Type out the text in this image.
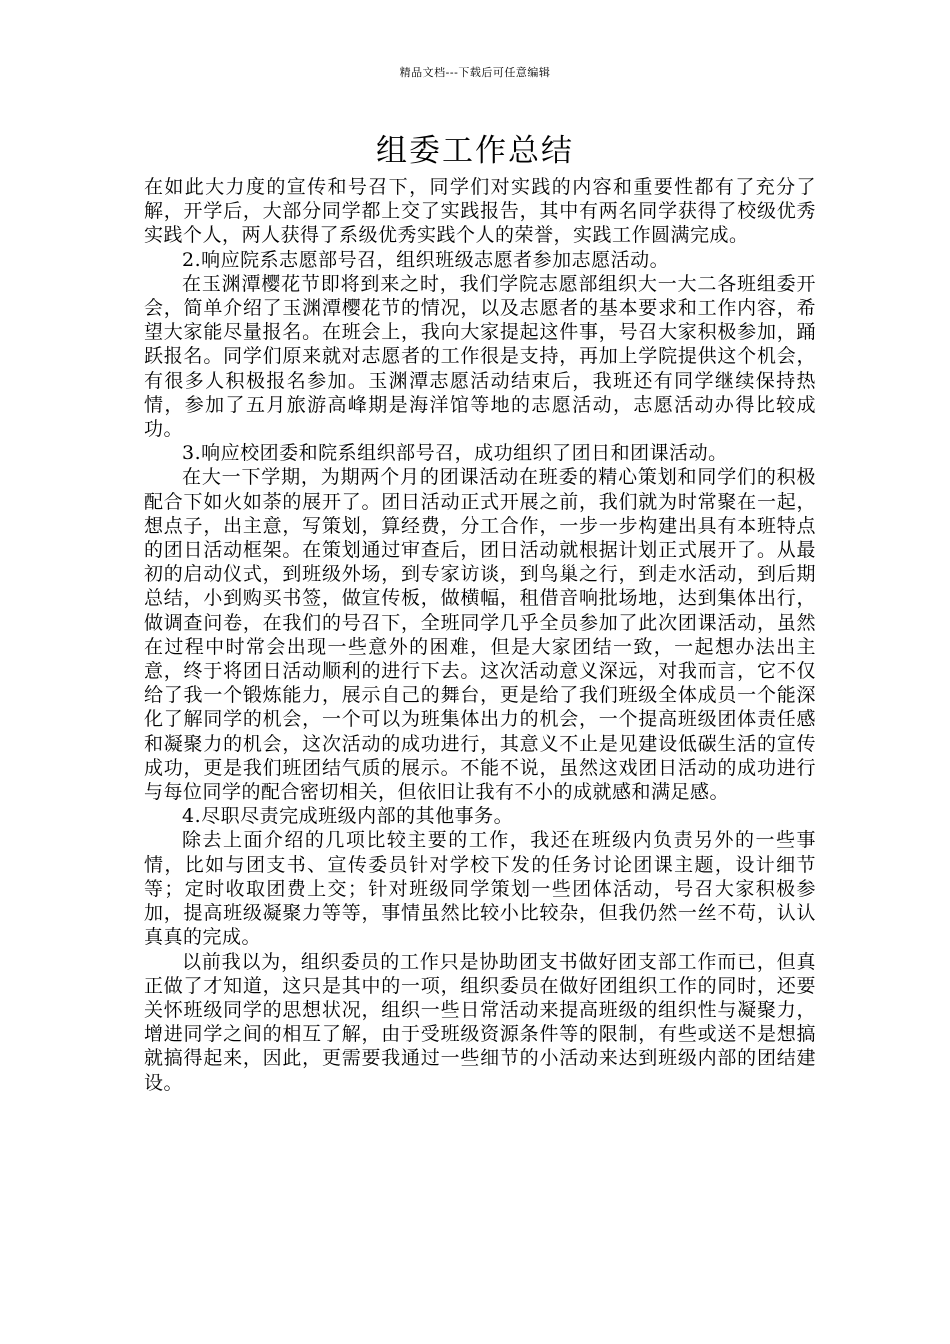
精品文档---下载后可任意编辑
组委工作总结

在如此大力度的宣传和号召下，同学们对实践的内容和重要性都有了充分了解，开学后，大部分同学都上交了实践报告，其中有两名同学获得了校级优秀实践个人，两人获得了系级优秀实践个人的荣誉，实践工作圆满完成。

2.响应院系志愿部号召，组织班级志愿者参加志愿活动。

在玉渊潭樱花节即将到来之时，我们学院志愿部组织大一大二各班组委开会，简单介绍了玉渊潭樱花节的情况，以及志愿者的基本要求和工作内容，希望大家能尽量报名。在班会上，我向大家提起这件事，号召大家积极参加，踊跃报名。同学们原来就对志愿者的工作很是支持，再加上学院提供这个机会，有很多人积极报名参加。玉渊潭志愿活动结束后，我班还有同学继续保持热情，参加了五月旅游高峰期是海洋馆等地的志愿活动，志愿活动办得比较成功。

3.响应校团委和院系组织部号召，成功组织了团日和团课活动。

在大一下学期，为期两个月的团课活动在班委的精心策划和同学们的积极配合下如火如荼的展开了。团日活动正式开展之前，我们就为时常聚在一起，想点子，出主意，写策划，算经费，分工合作，一步一步构建出具有本班特点的团日活动框架。在策划通过审查后，团日活动就根据计划正式展开了。从最初的启动仪式，到班级外场，到专家访谈，到鸟巢之行，到走水活动，到后期总结，小到购买书签，做宣传板，做横幅，租借音响批场地，达到集体出行，做调查问卷，在我们的号召下，全班同学几乎全员参加了此次团课活动，虽然在过程中时常会出现一些意外的困难，但是大家团结一致，一起想办法出主意，终于将团日活动顺利的进行下去。这次活动意义深远，对我而言，它不仅给了我一个锻炼能力，展示自己的舞台，更是给了我们班级全体成员一个能深化了解同学的机会，一个可以为班集体出力的机会，一个提高班级团体责任感和凝聚力的机会，这次活动的成功进行，其意义不止是见建设低碳生活的宣传成功，更是我们班团结气质的展示。不能不说，虽然这戏团日活动的成功进行与每位同学的配合密切相关，但依旧让我有不小的成就感和满足感。

4.尽职尽责完成班级内部的其他事务。

除去上面介绍的几项比较主要的工作，我还在班级内负责另外的一些事情，比如与团支书、宣传委员针对学校下发的任务讨论团课主题，设计细节等；定时收取团费上交；针对班级同学策划一些团体活动，号召大家积极参加，提高班级凝聚力等等，事情虽然比较小比较杂，但我仍然一丝不苟，认认真真的完成。

以前我以为，组织委员的工作只是协助团支书做好团支部工作而已，但真正做了才知道，这只是其中的一项，组织委员在做好团组织工作的同时，还要关怀班级同学的思想状况，组织一些日常活动来提高班级的组织性与凝聚力，增进同学之间的相互了解，由于受班级资源条件等的限制，有些或送不是想搞就搞得起来，因此，更需要我通过一些细节的小活动来达到班级内部的团结建设。
